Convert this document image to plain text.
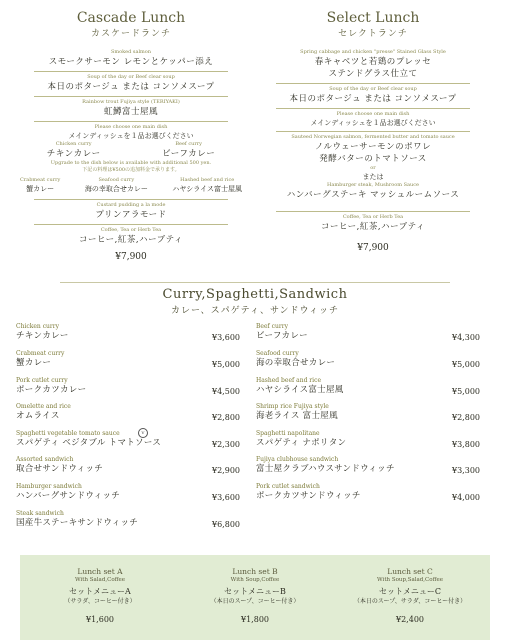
Cascade Lunch
カスケードランチ
Smoked salmon
スモークサーモン レモンとケッパー添え
Soup of the day or Beef clear soup
本日のポタージュ または コンソメスープ
Rainbow trout Fujiya style (TERIYAKI)
虹鱒富士屋風
Please choose one main dish
メインディッシュを１品お選びください
Chicken curry
チキンカレー
Beef curry
ビーフカレー
Upgrade to the dish below is available with additional 500 yen.
下記の料理は¥500の追加料金で承ります。
Crabmeat curry
蟹カレー
Seafood curry
海の幸取合せカレー
Hashed beef and rice
ハヤシライス富士屋風
Custard pudding a la mode
プリンアラモード
Coffee, Tea or Herb Tea
コーヒー,紅茶,ハーブティ
¥7,900
Select Lunch
セレクトランチ
Spring cabbage and chicken "presse" Stained Glass Style
春キャベツと若鶏のプレッセ
ステンドグラス仕立て
Soup of the day or Beef clear soup
本日のポタージュ または コンソメスープ
Please choose one main dish
メインディッシュを１品お選びください
Sauteed Norwegian salmon, fermented butter and tomato sauce
ノルウェーサーモンのポワレ
発酵バターのトマトソース
or
または
Hamburger steak, Mushroom Sauce
ハンバーグステーキ マッシュルームソース
Coffee, Tea or Herb Tea
コーヒー,紅茶,ハーブティ
¥7,900
Curry,Spaghetti,Sandwich
カレー、スパゲティ、サンドウィッチ
Chicken curry
チキンカレー	¥3,600
Crabmeat curry
蟹カレー	¥5,000
Pork cutlet curry
ポークカツカレー	¥4,500
Omelette and rice
オムライス	¥2,800
Spaghetti vegetable tomato sauce
スパゲティ ベジタブル トマトソース	¥2,300
V
Assorted sandwich
取合せサンドウィッチ	¥2,900
Hamburger sandwich
ハンバーグサンドウィッチ	¥3,600
Steak sandwich
国産牛ステーキサンドウィッチ	¥6,800
Beef curry
ビーフカレー	¥4,300
Seafood curry
海の幸取合せカレー	¥5,000
Hashed beef and rice
ハヤシライス富士屋風	¥5,000
Shrimp rice Fujiya style
海老ライス 富士屋風	¥2,800
Spaghetti napolitane
スパゲティ ナポリタン	¥3,800
Fujiya clubhouse sandwich
富士屋クラブハウスサンドウィッチ	¥3,300
Pork cutlet sandwich
ポークカツサンドウィッチ	¥4,000
Lunch set A
With Salad,Coffee
セットメニューA
（サラダ、コーヒー付き）
¥1,600
Lunch set B
With Soup,Coffee
セットメニューB
（本日のスープ、コーヒー付き）
¥1,800
Lunch set C
With Soup,Salad,Coffee
セットメニューC
（本日のスープ、サラダ、コーヒー付き）
¥2,400
